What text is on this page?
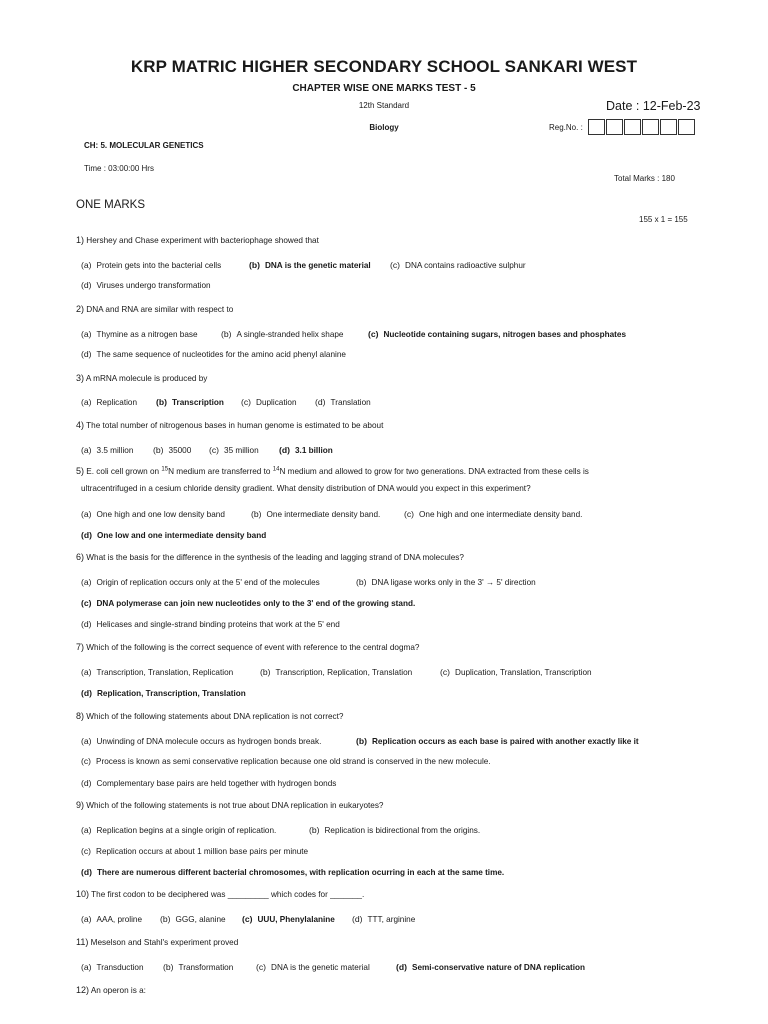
KRP MATRIC HIGHER SECONDARY SCHOOL SANKARI WEST
CHAPTER WISE ONE MARKS TEST - 5
12th Standard	Date : 12-Feb-23
Biology	Reg.No. :
CH: 5. MOLECULAR GENETICS
Time : 03:00:00 Hrs
Total Marks : 180
ONE MARKS
155 x 1 = 155
1) Hershey and Chase experiment with bacteriophage showed that
(a) Protein gets into the bacterial cells	(b) DNA is the genetic material (c) DNA contains radioactive sulphur
(d) Viruses undergo transformation
2) DNA and RNA are similar with respect to
(a) Thymine as a nitrogen base	(b) A single-stranded helix shape	(c) Nucleotide containing sugars, nitrogen bases and phosphates
(d) The same sequence of nucleotides for the amino acid phenyl alanine
3) A mRNA molecule is produced by
(a) Replication (b) Transcription (c) Duplication (d) Translation
4) The total number of nitrogenous bases in human genome is estimated to be about
(a) 3.5 million (b) 35000 (c) 35 million (d) 3.1 billion
5) E. coli cell grown on $^{15}$N medium are transferred to $^{14}$N medium and allowed to grow for two generations. DNA extracted from these cells is
ultracentrifuged in a cesium chloride density gradient. What density distribution of DNA would you expect in this experiment?
(a) One high and one low density band	(b) One intermediate density band.	(c) One high and one intermediate density band.
(d) One low and one intermediate density band
6) What is the basis for the difference in the synthesis of the leading and lagging strand of DNA molecules?
(a) Origin of replication occurs only at the 5' end of the molecules	(b) DNA ligase works only in the 3' → 5' direction
(c) DNA polymerase can join new nucleotides only to the 3' end of the growing stand.
(d) Helicases and single-strand binding proteins that work at the 5' end
7) Which of the following is the correct sequence of event with reference to the central dogma?
(a) Transcription, Translation, Replication	(b) Transcription, Replication, Translation	(c) Duplication, Translation, Transcription
(d) Replication, Transcription, Translation
8) Which of the following statements about DNA replication is not correct?
(a) Unwinding of DNA molecule occurs as hydrogen bonds break.	(b) Replication occurs as each base is paired with another exactly like it
(c) Process is known as semi conservative replication because one old strand is conserved in the new molecule.
(d) Complementary base pairs are held together with hydrogen bonds
9) Which of the following statements is not true about DNA replication in eukaryotes?
(a) Replication begins at a single origin of replication.	(b) Replication is bidirectional from the origins.
(c) Replication occurs at about 1 million base pairs per minute
(d) There are numerous different bacterial chromosomes, with replication ocurring in each at the same time.
10) The first codon to be deciphered was _________ which codes for _______.
(a) AAA, proline (b) GGG, alanine (c) UUU, Phenylalanine (d) TTT, arginine
11) Meselson and Stahl's experiment proved
(a) Transduction (b) Transformation	(c) DNA is the genetic material	(d) Semi-conservative nature of DNA replication
12) An operon is a:
